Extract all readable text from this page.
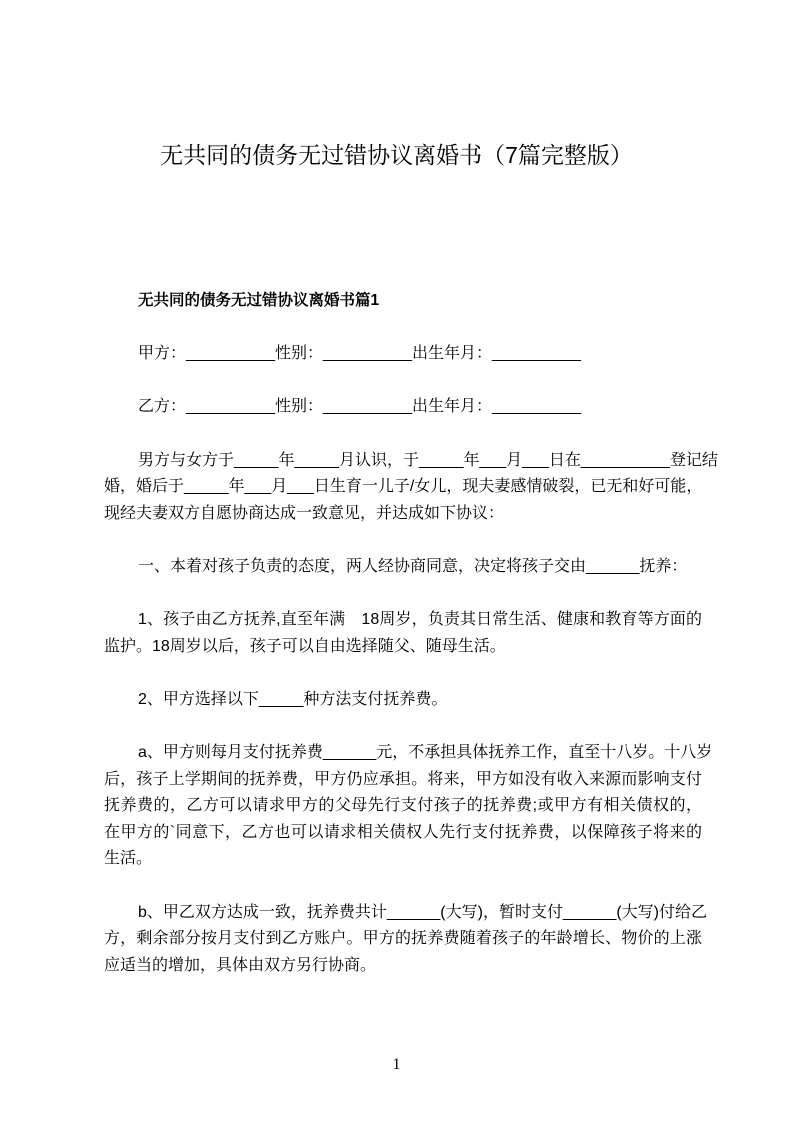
无共同的债务无过错协议离婚书（7篇完整版）
无共同的债务无过错协议离婚书篇1
甲方：__________性别：__________出生年月：__________
乙方：__________性别：__________出生年月：__________
男方与女方于_____年_____月认识，于_____年___月___日在__________登记结
婚，婚后于_____年___月___日生育一儿子/女儿，现夫妻感情破裂，已无和好可能，
现经夫妻双方自愿协商达成一致意见，并达成如下协议：
一、本着对孩子负责的态度，两人经协商同意，决定将孩子交由______抚养：
1、孩子由乙方抚养,直至年满　18周岁，负责其日常生活、健康和教育等方面的
监护。18周岁以后，孩子可以自由选择随父、随母生活。
2、甲方选择以下_____种方法支付抚养费。
a、甲方则每月支付抚养费______元，不承担具体抚养工作，直至十八岁。十八岁
后，孩子上学期间的抚养费，甲方仍应承担。将来，甲方如没有收入来源而影响支付
抚养费的，乙方可以请求甲方的父母先行支付孩子的抚养费;或甲方有相关债权的，
在甲方的`同意下，乙方也可以请求相关债权人先行支付抚养费，以保障孩子将来的
生活。
b、甲乙双方达成一致，抚养费共计______(大写)，暂时支付______(大写)付给乙
方，剩余部分按月支付到乙方账户。甲方的抚养费随着孩子的年龄增长、物价的上涨
应适当的增加，具体由双方另行协商。
1
